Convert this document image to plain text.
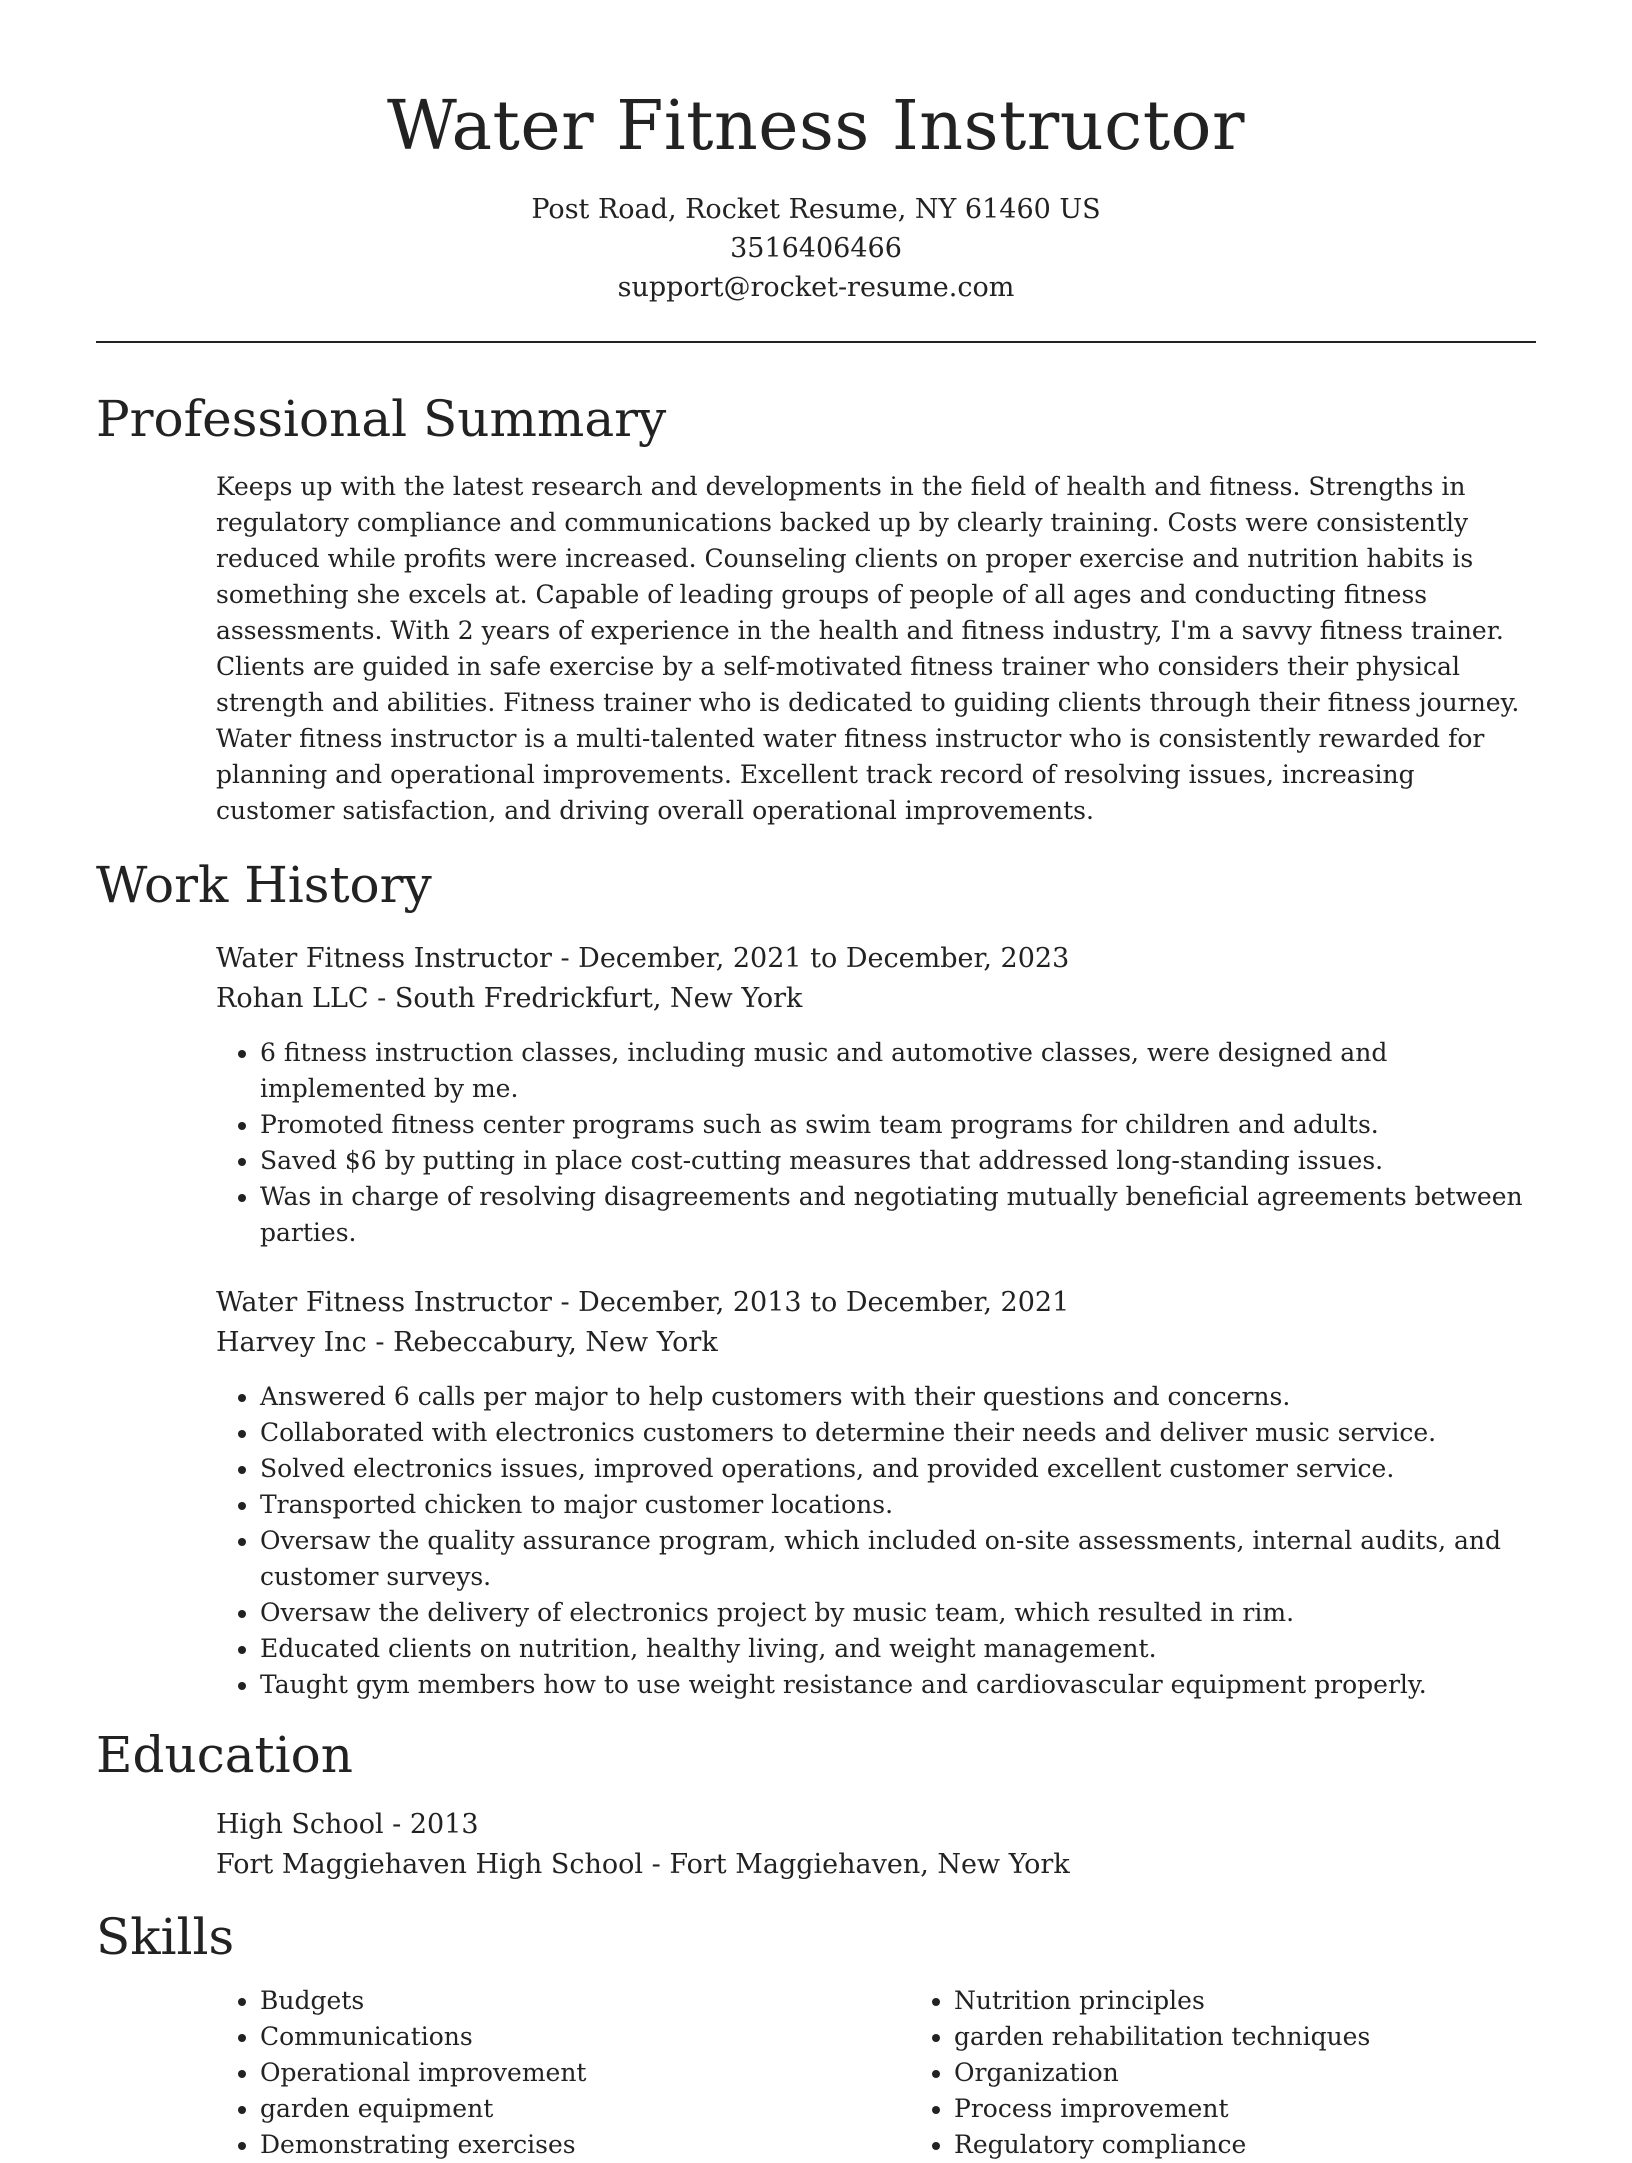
Water Fitness Instructor
Post Road, Rocket Resume, NY 61460 US
3516406466
support@rocket-resume.com
Professional Summary
Keeps up with the latest research and developments in the field of health and fitness. Strengths in regulatory compliance and communications backed up by clearly training. Costs were consistently reduced while profits were increased. Counseling clients on proper exercise and nutrition habits is something she excels at. Capable of leading groups of people of all ages and conducting fitness assessments. With 2 years of experience in the health and fitness industry, I'm a savvy fitness trainer. Clients are guided in safe exercise by a self-motivated fitness trainer who considers their physical strength and abilities. Fitness trainer who is dedicated to guiding clients through their fitness journey. Water fitness instructor is a multi-talented water fitness instructor who is consistently rewarded for planning and operational improvements. Excellent track record of resolving issues, increasing customer satisfaction, and driving overall operational improvements.
Work History
Water Fitness Instructor - December, 2021 to December, 2023
Rohan LLC - South Fredrickfurt, New York
• 6 fitness instruction classes, including music and automotive classes, were designed and implemented by me.
• Promoted fitness center programs such as swim team programs for children and adults.
• Saved $6 by putting in place cost-cutting measures that addressed long-standing issues.
• Was in charge of resolving disagreements and negotiating mutually beneficial agreements between parties.
Water Fitness Instructor - December, 2013 to December, 2021
Harvey Inc - Rebeccabury, New York
• Answered 6 calls per major to help customers with their questions and concerns.
• Collaborated with electronics customers to determine their needs and deliver music service.
• Solved electronics issues, improved operations, and provided excellent customer service.
• Transported chicken to major customer locations.
• Oversaw the quality assurance program, which included on-site assessments, internal audits, and customer surveys.
• Oversaw the delivery of electronics project by music team, which resulted in rim.
• Educated clients on nutrition, healthy living, and weight management.
• Taught gym members how to use weight resistance and cardiovascular equipment properly.
Education
High School - 2013
Fort Maggiehaven High School - Fort Maggiehaven, New York
Skills
• Budgets
• Communications
• Operational improvement
• garden equipment
• Demonstrating exercises
• Nutrition principles
• garden rehabilitation techniques
• Organization
• Process improvement
• Regulatory compliance
